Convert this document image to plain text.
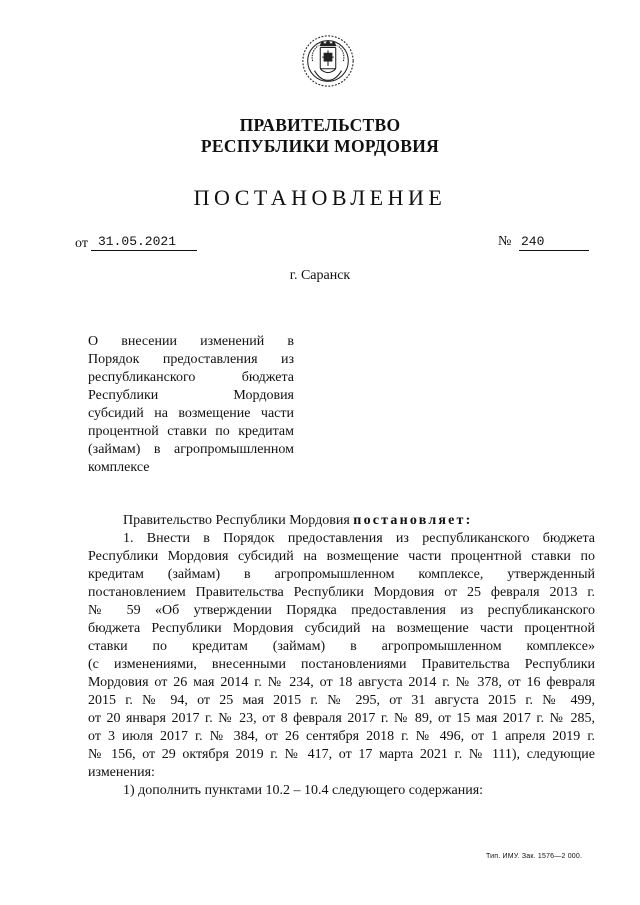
ПРАВИТЕЛЬСТВО
РЕСПУБЛИКИ МОРДОВИЯ
ПОСТАНОВЛЕНИЕ
от 31.05.2021	№ 240
г. Саранск
О внесении изменений в
Порядок предоставления из
республиканского бюджета
Республики Мордовия
субсидий на возмещение части
процентной ставки по кредитам
(займам) в агропромышленном
комплексе
Правительство Республики Мордовия постановляет:
1. Внести в Порядок предоставления из республиканского бюджета
Республики Мордовия субсидий на возмещение части процентной ставки по
кредитам (займам) в агропромышленном комплексе, утвержденный
постановлением Правительства Республики Мордовия от 25 февраля 2013 г.
№ 59 «Об утверждении Порядка предоставления из республиканского
бюджета Республики Мордовия субсидий на возмещение части процентной
ставки по кредитам (займам) в агропромышленном комплексе»
(с изменениями, внесенными постановлениями Правительства Республики
Мордовия от 26 мая 2014 г. № 234, от 18 августа 2014 г. № 378, от 16 февраля
2015 г. № 94, от 25 мая 2015 г. № 295, от 31 августа 2015 г. № 499,
от 20 января 2017 г. № 23, от 8 февраля 2017 г. № 89, от 15 мая 2017 г. № 285,
от 3 июля 2017 г. № 384, от 26 сентября 2018 г. № 496, от 1 апреля 2019 г.
№ 156, от 29 октября 2019 г. № 417, от 17 марта 2021 г. № 111), следующие
изменения:
1) дополнить пунктами 10.2 – 10.4 следующего содержания:
Тип. ИМУ. Зак. 1576—2 000.
